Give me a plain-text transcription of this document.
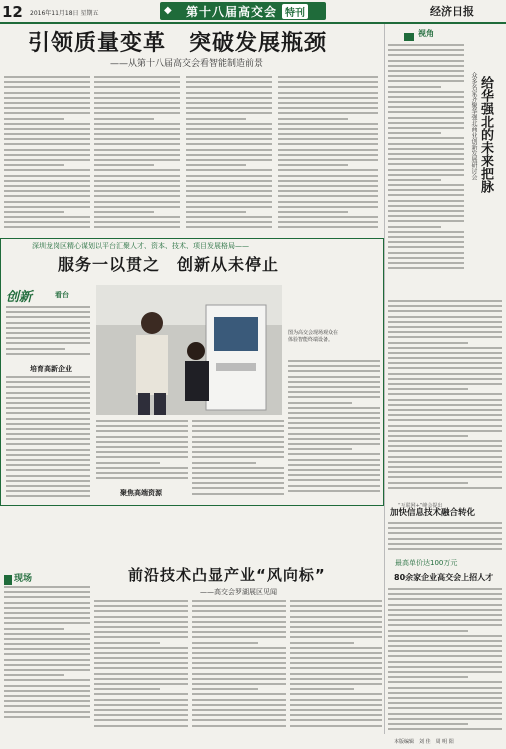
12 2016年11月18日 星期五	◆ 第十八届高交会 特刊	经济日报
引领质量变革　突破发展瓶颈
——从第十八届高交会看智能制造前景
视角
众多名家齐聚华强北商业创新发展研讨会 给华强北的未来把脉
“互联网+”峰会提出
加快信息技术融合转化
最高单价达100万元
80余家企业高交会上招人才
本版编辑　刘 佳　周 明 阳
深圳龙岗区精心谋划以平台汇聚人才、资本、技术、项目发展格局——
服务一以贯之　创新从未停止
创新	看台
培育高新企业
图为高交会现场观众在体验智能终端设备。
聚焦高端资源
现场	前沿技术凸显产业“风向标”
——高交会罗湖展区见闻
